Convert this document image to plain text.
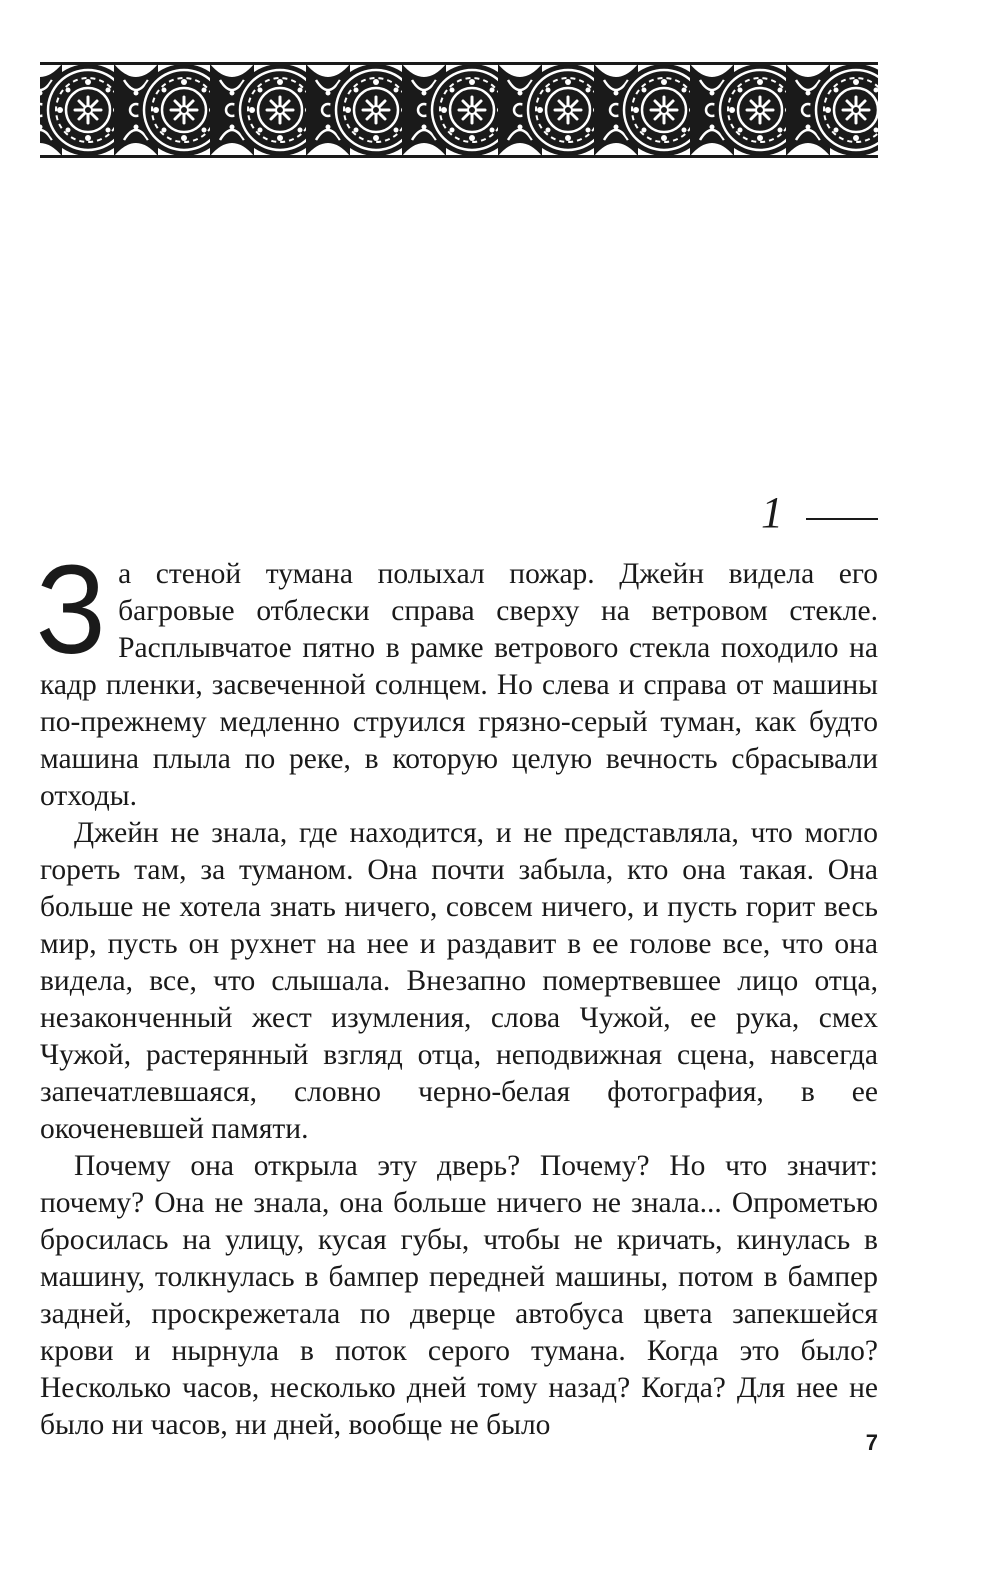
1

За стеной тумана полыхал пожар. Джейн видела его багровые отблески справа сверху на ветровом стекле. Расплывчатое пятно в рамке ветрового стекла походило на кадр пленки, засвеченной солнцем. Но слева и справа от машины по-прежнему медленно струился грязно-серый туман, как будто машина плыла по реке, в которую целую вечность сбрасывали отходы.

Джейн не знала, где находится, и не представляла, что могло гореть там, за туманом. Она почти забыла, кто она такая. Она больше не хотела знать ничего, совсем ничего, и пусть горит весь мир, пусть он рухнет на нее и раздавит в ее голове все, что она видела, все, что слышала. Внезапно помертвевшее лицо отца, незаконченный жест изумления, слова Чужой, ее рука, смех Чужой, растерянный взгляд отца, неподвижная сцена, навсегда запечатлевшаяся, словно черно-белая фотография, в ее окоченевшей памяти.

Почему она открыла эту дверь? Почему? Но что значит: почему? Она не знала, она больше ничего не знала... Опрометью бросилась на улицу, кусая губы, чтобы не кричать, кинулась в машину, толкнулась в бампер передней машины, потом в бампер задней, проскрежетала по дверце автобуса цвета запекшейся крови и нырнула в поток серого тумана. Когда это было? Несколько часов, несколько дней тому назад? Когда? Для нее не было ни часов, ни дней, вообще не было

7
